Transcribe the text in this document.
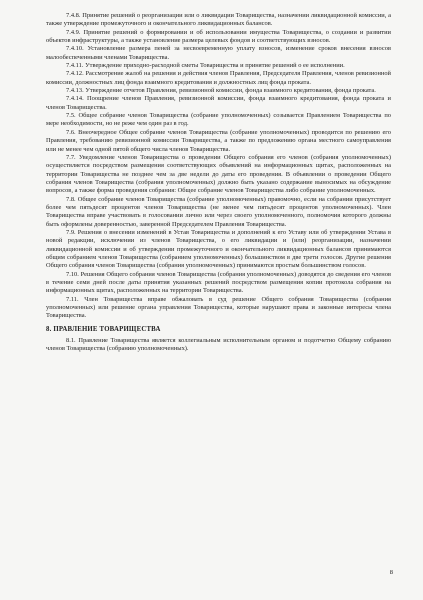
7.4.8. Принятие решений о реорганизации или о ликвидации Товарищества, назначении ликвидационной комиссии, а также утверждение промежуточного и окончательного ликвидационных балансов.

7.4.9. Принятие решений о формировании и об использовании имущества Товарищества, о создании и развитии объектов инфраструктуры, а также установление размера целевых фондов и соответствующих взносов.

7.4.10. Установление размера пеней за несвоевременную уплату взносов, изменение сроков внесения взносов малообеспеченными членами Товарищества.

7.4.11. Утверждение приходно-расходной сметы Товарищества и принятие решений о ее исполнении.

7.4.12. Рассмотрение жалоб на решения и действия членов Правления, Председателя Правления, членов ревизионной комиссии, должностных лиц фонда взаимного кредитования и должностных лиц фонда проката.

7.4.13. Утверждение отчетов Правления, ревизионной комиссии, фонда взаимного кредитования, фонда проката.

7.4.14. Поощрение членов Правления, ревизионной комиссии, фонда взаимного кредитования, фонда проката и членов Товарищества.

7.5. Общее собрание членов Товарищества (собрание уполномоченных) созывается Правлением Товарищества по мере необходимости, но не реже чем один раз в год.

7.6. Внеочередное Общее собрание членов Товарищества (собрание уполномоченных) проводится по решению его Правления, требованию ревизионной комиссии Товарищества, а также по предложению органа местного самоуправления или не менее чем одной пятой общего числа членов Товарищества.

7.7. Уведомление членов Товарищества о проведении Общего собрания его членов (собрания уполномоченных) осуществляется посредством размещения соответствующих объявлений на информационных щитах, расположенных на территории Товарищества не позднее чем за две недели до даты его проведения. В объявлении о проведении Общего собрания членов Товарищества (собрания уполномоченных) должно быть указано содержание выносимых на обсуждение вопросов, а также форма проведения собрания: Общее собрание членов Товарищества либо собрание уполномоченных.

7.8. Общее собрание членов Товарищества (собрание уполномоченных) правомочно, если на собрании присутствует более чем пятьдесят процентов членов Товарищества (не менее чем пятьдесят процентов уполномоченных). Член Товарищества вправе участвовать в голосовании лично или через своего уполномоченного, полномочия которого должны быть оформлены доверенностью, заверенной Председателем Правления Товарищества.

7.9. Решения о внесении изменений в Устав Товарищества и дополнений к его Уставу или об утверждении Устава в новой редакции, исключении из членов Товарищества, о его ликвидации и (или) реорганизации, назначении ликвидационной комиссии и об утверждении промежуточного и окончательного ликвидационных балансов принимаются общим собранием членов Товарищества (собранием уполномоченных) большинством в две трети голосов. Другие решения Общего собрания членов Товарищества (собрания уполномоченных) принимаются простым большинством голосов.

7.10. Решения Общего собрания членов Товарищества (собрания уполномоченных) доводятся до сведения его членов в течение семи дней после даты принятия указанных решений посредством размещения копии протокола собрания на информационных щитах, расположенных на территории Товарищества.

7.11. Член Товарищества вправе обжаловать в суд решение Общего собрания Товарищества (собрания уполномоченных) или решение органа управления Товарищества, которые нарушают права и законные интересы члена Товарищества.

8. ПРАВЛЕНИЕ ТОВАРИЩЕСТВА

8.1. Правление Товарищества является коллегиальным исполнительным органом и подотчетно Общему собранию членов Товарищества (собранию уполномоченных).

8
